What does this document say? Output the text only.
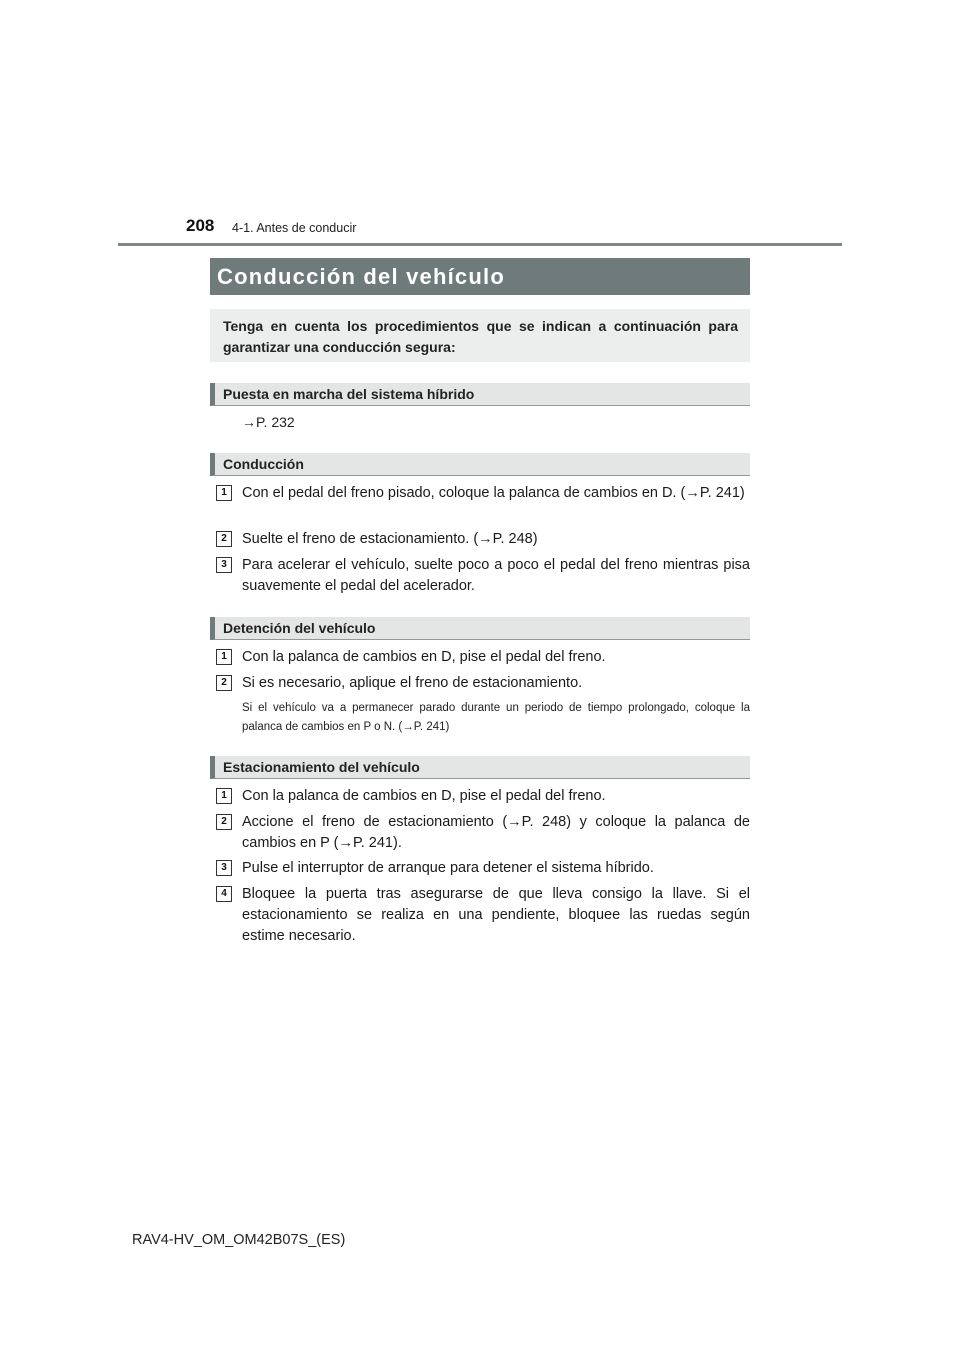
208 4-1. Antes de conducir
Conducción del vehículo
Tenga en cuenta los procedimientos que se indican a continuación para garantizar una conducción segura:
Puesta en marcha del sistema híbrido
→P. 232
Conducción
1	Con el pedal del freno pisado, coloque la palanca de cambios en D. (→P. 241)
2	Suelte el freno de estacionamiento. (→P. 248)
3	Para acelerar el vehículo, suelte poco a poco el pedal del freno mientras pisa suavemente el pedal del acelerador.
Detención del vehículo
1	Con la palanca de cambios en D, pise el pedal del freno.
2	Si es necesario, aplique el freno de estacionamiento.
Si el vehículo va a permanecer parado durante un periodo de tiempo prolongado, coloque la palanca de cambios en P o N. (→P. 241)
Estacionamiento del vehículo
1	Con la palanca de cambios en D, pise el pedal del freno.
2	Accione el freno de estacionamiento (→P. 248) y coloque la palanca de cambios en P (→P. 241).
3	Pulse el interruptor de arranque para detener el sistema híbrido.
4	Bloquee la puerta tras asegurarse de que lleva consigo la llave. Si el estacionamiento se realiza en una pendiente, bloquee las ruedas según estime necesario.
RAV4-HV_OM_OM42B07S_(ES)
